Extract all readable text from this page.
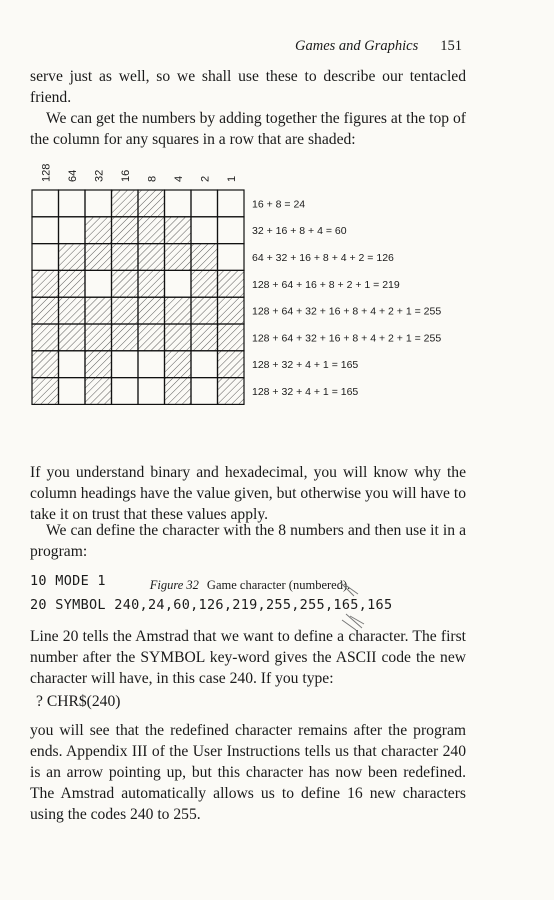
Games and Graphics 151

serve just as well, so we shall use these to describe our tentacled friend.

We can get the numbers by adding together the figures at the top of the column for any squares in a row that are shaded:

128 64 32 16 8 4 2 1
16 + 8 = 24
32 + 16 + 8 + 4 = 60
64 + 32 + 16 + 8 + 4 + 2 = 126
128 + 64 + 16 + 8 + 2 + 1 = 219
128 + 64 + 32 + 16 + 8 + 4 + 2 + 1 = 255
128 + 64 + 32 + 16 + 8 + 4 + 2 + 1 = 255
128 + 32 + 4 + 1 = 165
128 + 32 + 4 + 1 = 165
Figure 32 Game character (numbered).

If you understand binary and hexadecimal, you will know why the column headings have the value given, but otherwise you will have to take it on trust that these values apply.

We can define the character with the 8 numbers and then use it in a program:

10 MODE 1
20 SYMBOL 240,24,60,126,219,255,255,165,165

Line 20 tells the Amstrad that we want to define a character. The first number after the SYMBOL key-word gives the ASCII code the new character will have, in this case 240. If you type:

? CHR$(240)

you will see that the redefined character remains after the program ends. Appendix III of the User Instructions tells us that character 240 is an arrow pointing up, but this character has now been redefined. The Amstrad automatically allows us to define 16 new characters using the codes 240 to 255.
